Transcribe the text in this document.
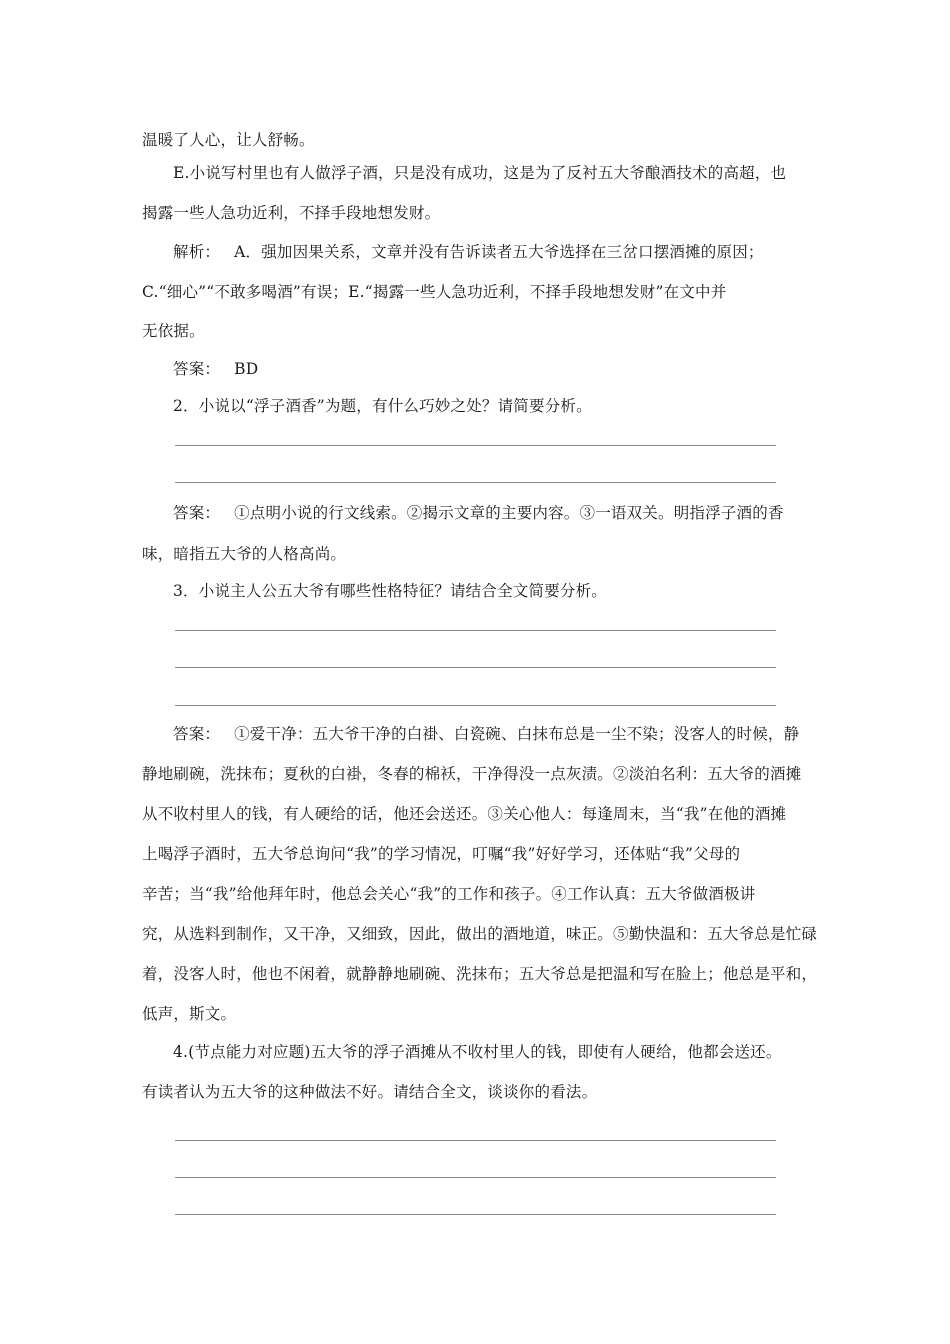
温暖了人心，让人舒畅。
E.小说写村里也有人做浮子酒，只是没有成功，这是为了反衬五大爷酿酒技术的高超，也
揭露一些人急功近利，不择手段地想发财。
解析： A．强加因果关系，文章并没有告诉读者五大爷选择在三岔口摆酒摊的原因；
C.“细心”“不敢多喝酒”有误；E.“揭露一些人急功近利，不择手段地想发财”在文中并
无依据。
答案： BD
2．小说以“浮子酒香”为题，有什么巧妙之处？请简要分析。
答案： ①点明小说的行文线索。②揭示文章的主要内容。③一语双关。明指浮子酒的香
味，暗指五大爷的人格高尚。
3．小说主人公五大爷有哪些性格特征？请结合全文简要分析。
答案： ①爱干净：五大爷干净的白褂、白瓷碗、白抹布总是一尘不染；没客人的时候，静
静地刷碗，洗抹布；夏秋的白褂，冬春的棉袄，干净得没一点灰渍。②淡泊名利：五大爷的酒摊
从不收村里人的钱，有人硬给的话，他还会送还。③关心他人：每逢周末，当“我”在他的酒摊
上喝浮子酒时，五大爷总询问“我”的学习情况，叮嘱“我”好好学习，还体贴“我”父母的
辛苦；当“我”给他拜年时，他总会关心“我”的工作和孩子。④工作认真：五大爷做酒极讲
究，从选料到制作，又干净，又细致，因此，做出的酒地道，味正。⑤勤快温和：五大爷总是忙碌
着，没客人时，他也不闲着，就静静地刷碗、洗抹布；五大爷总是把温和写在脸上；他总是平和，
低声，斯文。
4.(节点能力对应题)五大爷的浮子酒摊从不收村里人的钱，即使有人硬给，他都会送还。
有读者认为五大爷的这种做法不好。请结合全文，谈谈你的看法。
